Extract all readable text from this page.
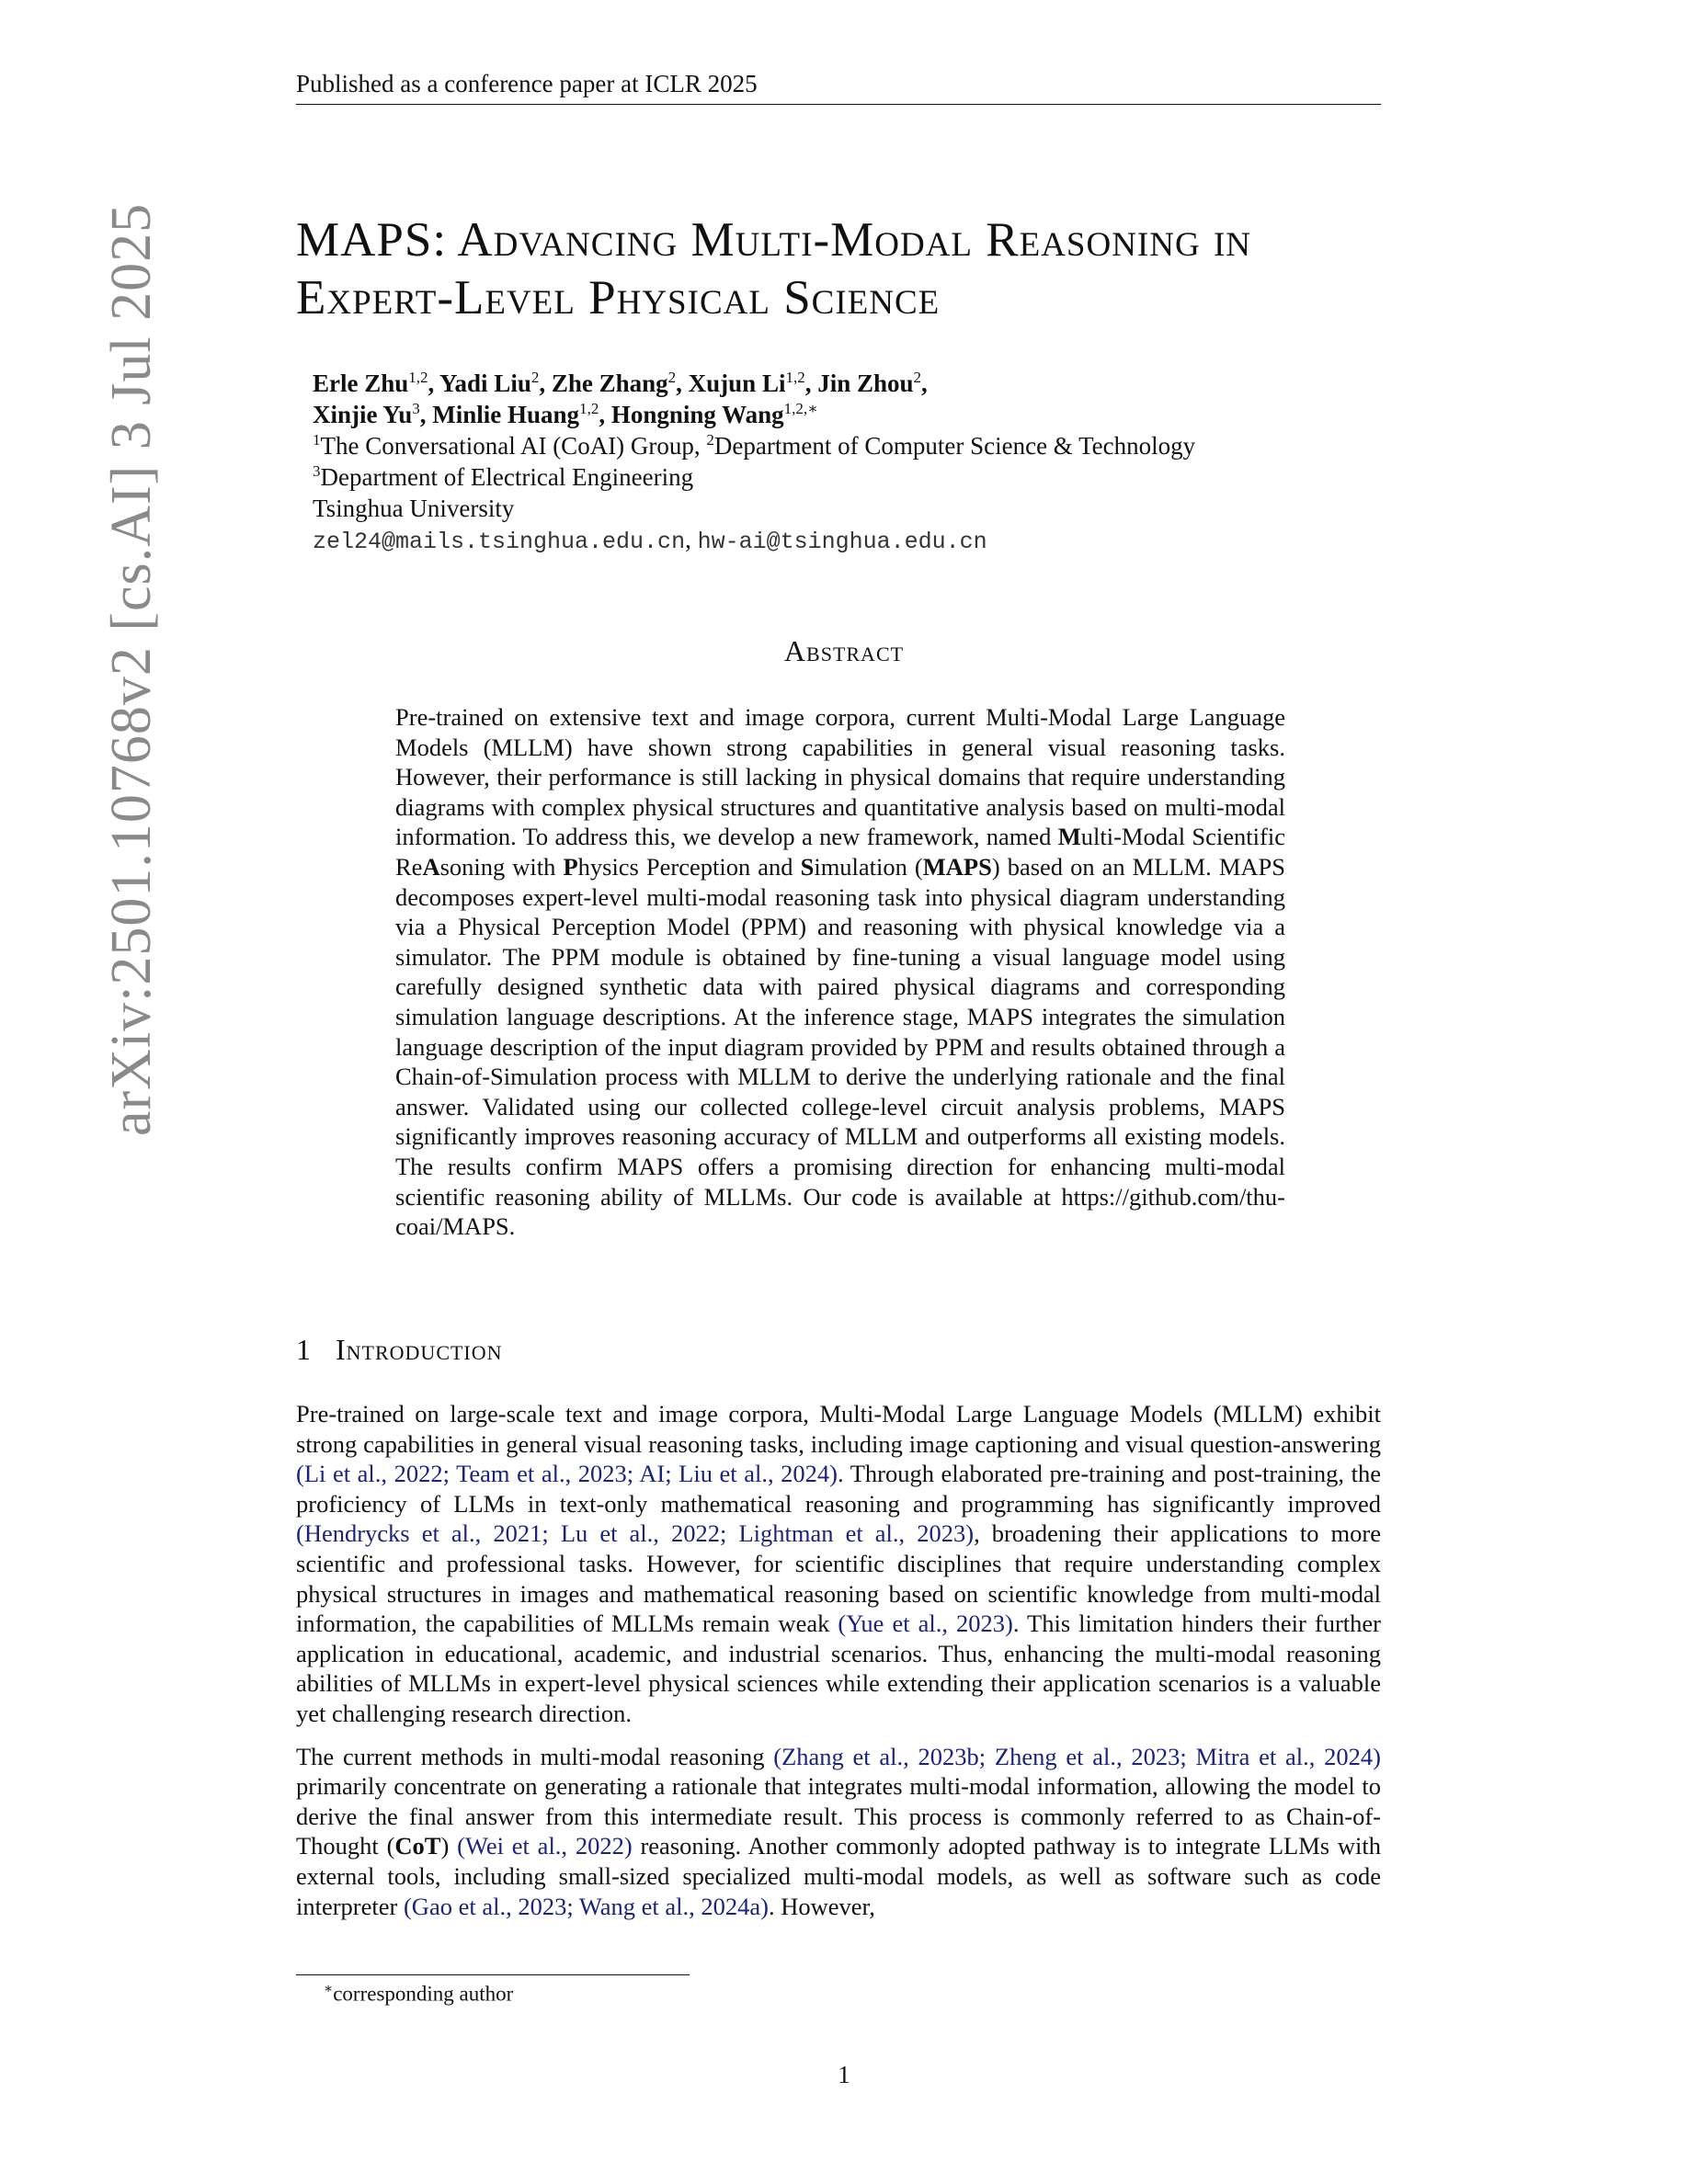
arXiv:2501.10768v2 [cs.AI] 3 Jul 2025
Published as a conference paper at ICLR 2025
MAPS: Advancing Multi-Modal Reasoning in Expert-Level Physical Science
Erle Zhu$^{1,2}$, Yadi Liu$^2$, Zhe Zhang$^2$, Xujun Li$^{1,2}$, Jin Zhou$^2$,
Xinjie Yu$^3$, Minlie Huang$^{1,2}$, Hongning Wang$^{1,2,∗}$
$^1$The Conversational AI (CoAI) Group, $^2$Department of Computer Science & Technology
$^3$Department of Electrical Engineering
Tsinghua University
zel24@mails.tsinghua.edu.cn, hw-ai@tsinghua.edu.cn
Abstract
Pre-trained on extensive text and image corpora, current Multi-Modal Large Language Models (MLLM) have shown strong capabilities in general visual reasoning tasks. However, their performance is still lacking in physical domains that require understanding diagrams with complex physical structures and quantitative analysis based on multi-modal information. To address this, we develop a new framework, named Multi-Modal Scientific ReAsoning with Physics Perception and Simulation (MAPS) based on an MLLM. MAPS decomposes expert-level multi-modal reasoning task into physical diagram understanding via a Physical Perception Model (PPM) and reasoning with physical knowledge via a simulator. The PPM module is obtained by fine-tuning a visual language model using carefully designed synthetic data with paired physical diagrams and corresponding simulation language descriptions. At the inference stage, MAPS integrates the simulation language description of the input diagram provided by PPM and results obtained through a Chain-of-Simulation process with MLLM to derive the underlying rationale and the final answer. Validated using our collected college-level circuit analysis problems, MAPS significantly improves reasoning accuracy of MLLM and outperforms all existing models. The results confirm MAPS offers a promising direction for enhancing multi-modal scientific reasoning ability of MLLMs. Our code is available at https://github.com/thu-coai/MAPS.
1 Introduction

Pre-trained on large-scale text and image corpora, Multi-Modal Large Language Models (MLLM) exhibit strong capabilities in general visual reasoning tasks, including image captioning and visual question-answering (Li et al., 2022; Team et al., 2023; AI; Liu et al., 2024). Through elaborated pre-training and post-training, the proficiency of LLMs in text-only mathematical reasoning and programming has significantly improved (Hendrycks et al., 2021; Lu et al., 2022; Lightman et al., 2023), broadening their applications to more scientific and professional tasks. However, for scientific disciplines that require understanding complex physical structures in images and mathematical reasoning based on scientific knowledge from multi-modal information, the capabilities of MLLMs remain weak (Yue et al., 2023). This limitation hinders their further application in educational, academic, and industrial scenarios. Thus, enhancing the multi-modal reasoning abilities of MLLMs in expert-level physical sciences while extending their application scenarios is a valuable yet challenging research direction.

The current methods in multi-modal reasoning (Zhang et al., 2023b; Zheng et al., 2023; Mitra et al., 2024) primarily concentrate on generating a rationale that integrates multi-modal information, allowing the model to derive the final answer from this intermediate result. This process is commonly referred to as Chain-of-Thought (CoT) (Wei et al., 2022) reasoning. Another commonly adopted pathway is to integrate LLMs with external tools, including small-sized specialized multi-modal models, as well as software such as code interpreter (Gao et al., 2023; Wang et al., 2024a). However,

∗corresponding author
1
